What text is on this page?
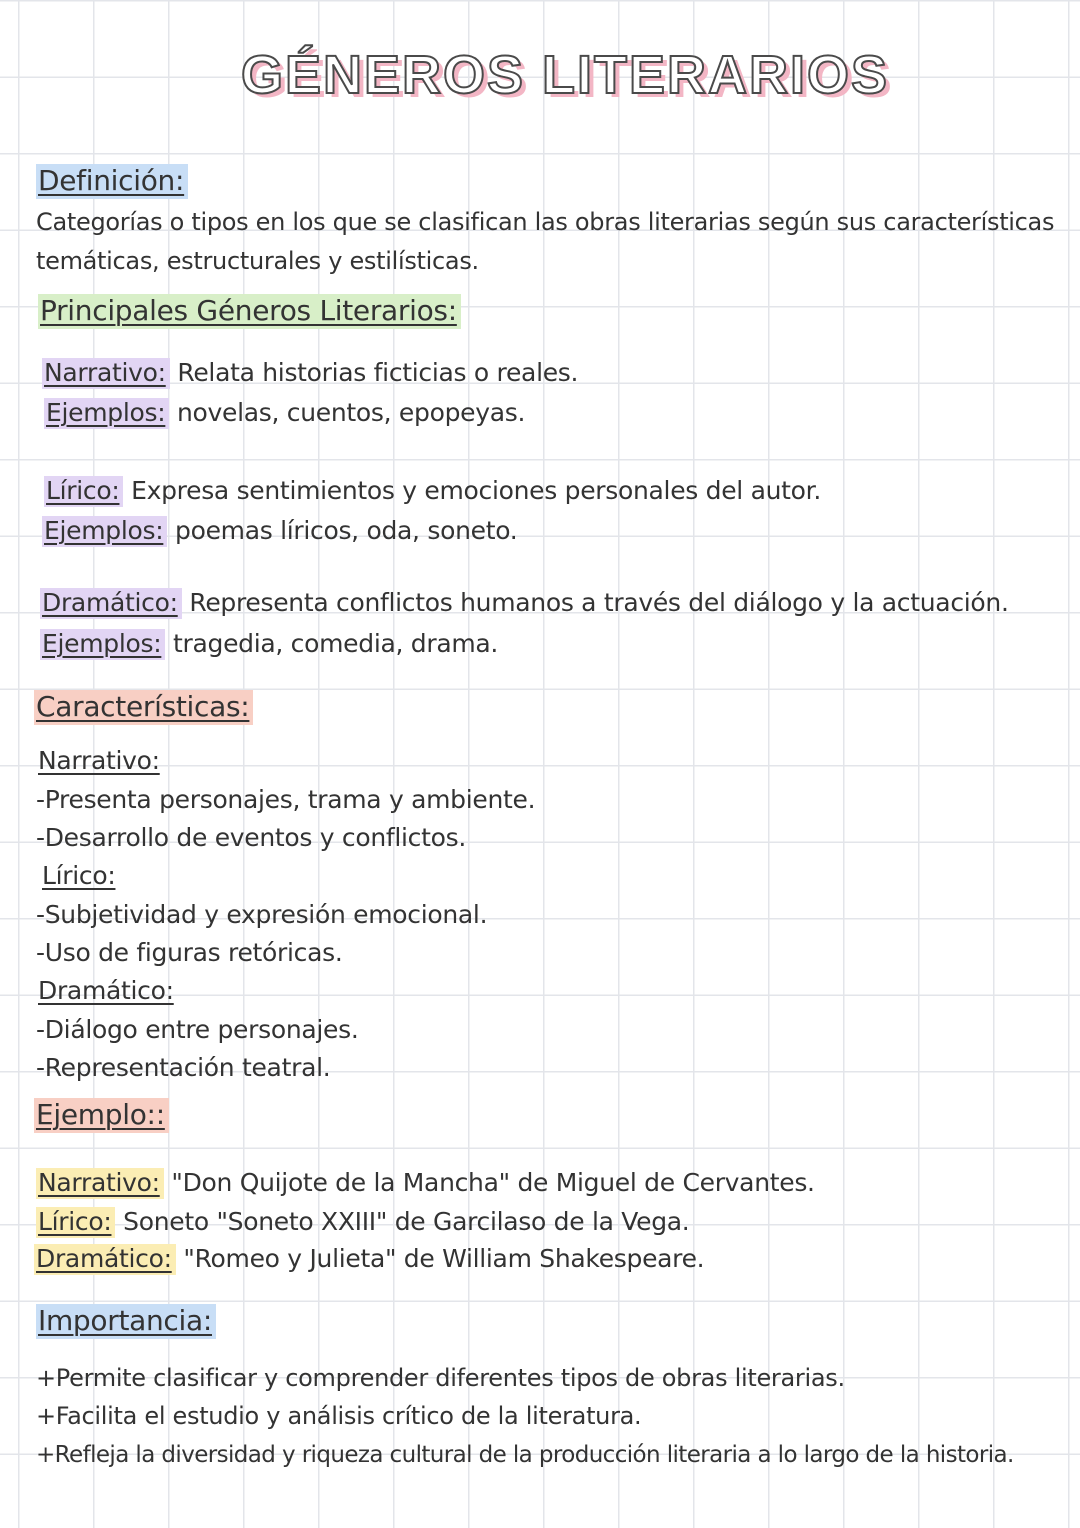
GÉNEROS LITERARIOS
Definición:
Categorías o tipos en los que se clasifican las obras literarias según sus características
temáticas, estructurales y estilísticas.
Principales Géneros Literarios:
Narrativo: Relata historias ficticias o reales.
Ejemplos: novelas, cuentos, epopeyas.
Lírico: Expresa sentimientos y emociones personales del autor.
Ejemplos: poemas líricos, oda, soneto.
Dramático: Representa conflictos humanos a través del diálogo y la actuación.
Ejemplos: tragedia, comedia, drama.
Características:
Narrativo:
-Presenta personajes, trama y ambiente.
-Desarrollo de eventos y conflictos.
Lírico:
-Subjetividad y expresión emocional.
-Uso de figuras retóricas.
Dramático:
-Diálogo entre personajes.
-Representación teatral.
Ejemplo::
Narrativo: "Don Quijote de la Mancha" de Miguel de Cervantes.
Lírico: Soneto "Soneto XXIII" de Garcilaso de la Vega.
Dramático: "Romeo y Julieta" de William Shakespeare.
Importancia:
+Permite clasificar y comprender diferentes tipos de obras literarias.
+Facilita el estudio y análisis crítico de la literatura.
+Refleja la diversidad y riqueza cultural de la producción literaria a lo largo de la historia.
